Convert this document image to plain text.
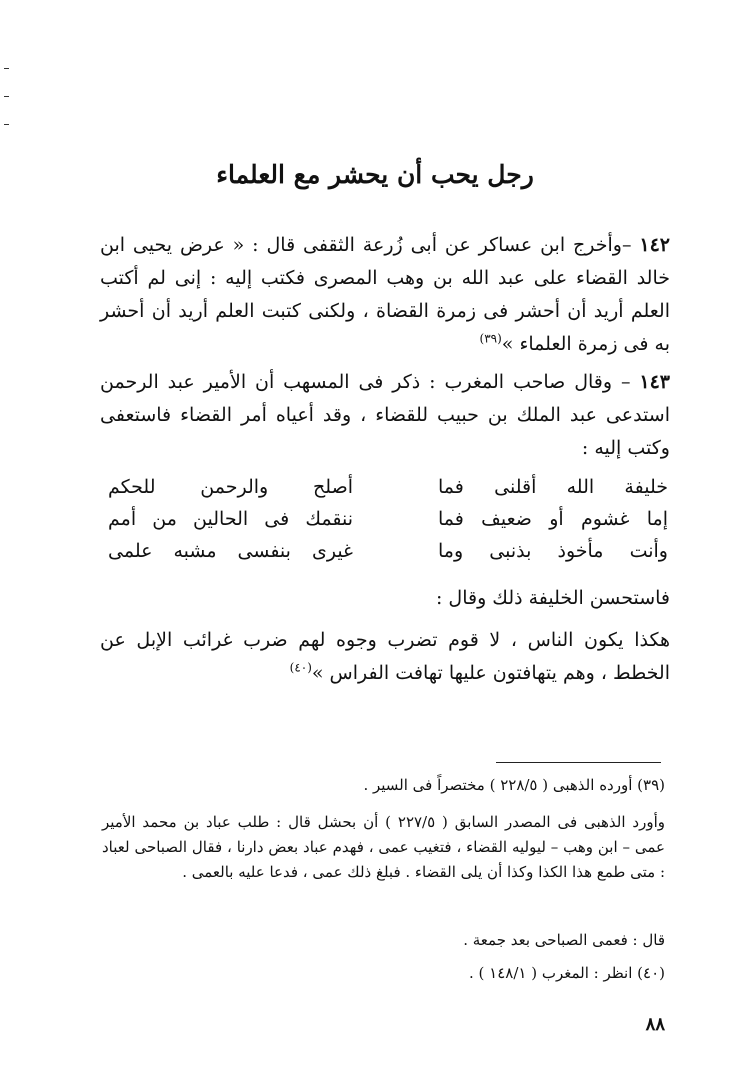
رجل يحب أن يحشر مع العلماء
١٤٢ –وأخرج ابن عساكر عن أبى زُرعة الثقفى قال : « عرض يحيى ابن خالد القضاء على عبد الله بن وهب المصرى فكتب إليه : إنى لم أكتب العلم أريد أن أحشر فى زمرة القضاة ، ولكنى كتبت العلم أريد أن أحشر به فى زمرة العلماء »$^{(٣٩)}$
١٤٣ – وقال صاحب المغرب : ذكر فى المسهب أن الأمير عبد الرحمن استدعى عبد الملك بن حبيب للقضاء ، وقد أعياه أمر القضاء فاستعفى وكتب إليه :
خليفة الله أقلنى فما
أصلح والرحمن للحكم
إما غشوم أو ضعيف فما
ننقمك فى الحالين من أمم
وأنت مأخوذ بذنبى وما
غيرى بنفسى مشبه علمى
فاستحسن الخليفة ذلك وقال :
هكذا يكون الناس ، لا قوم تضرب وجوه لهم ضرب غرائب الإبل عن الخطط ، وهم يتهافتون عليها تهافت الفراس »$^{(٤٠)}$
(٣٩) أورده الذهبى ( ٢٢٨/٥ ) مختصراً فى السير .
وأورد الذهبى فى المصدر السابق ( ٢٢٧/٥ ) أن بحشل قال : طلب عباد بن محمد الأمير عمى – ابن وهب – ليوليه القضاء ، فتغيب عمى ، فهدم عباد بعض دارنا ، فقال الصباحى لعباد : متى طمع هذا الكذا وكذا أن يلى القضاء . فبلغ ذلك عمى ، فدعا عليه بالعمى .
قال : فعمى الصباحى بعد جمعة .
(٤٠) انظر : المغرب ( ١٤٨/١ ) .
٨٨
